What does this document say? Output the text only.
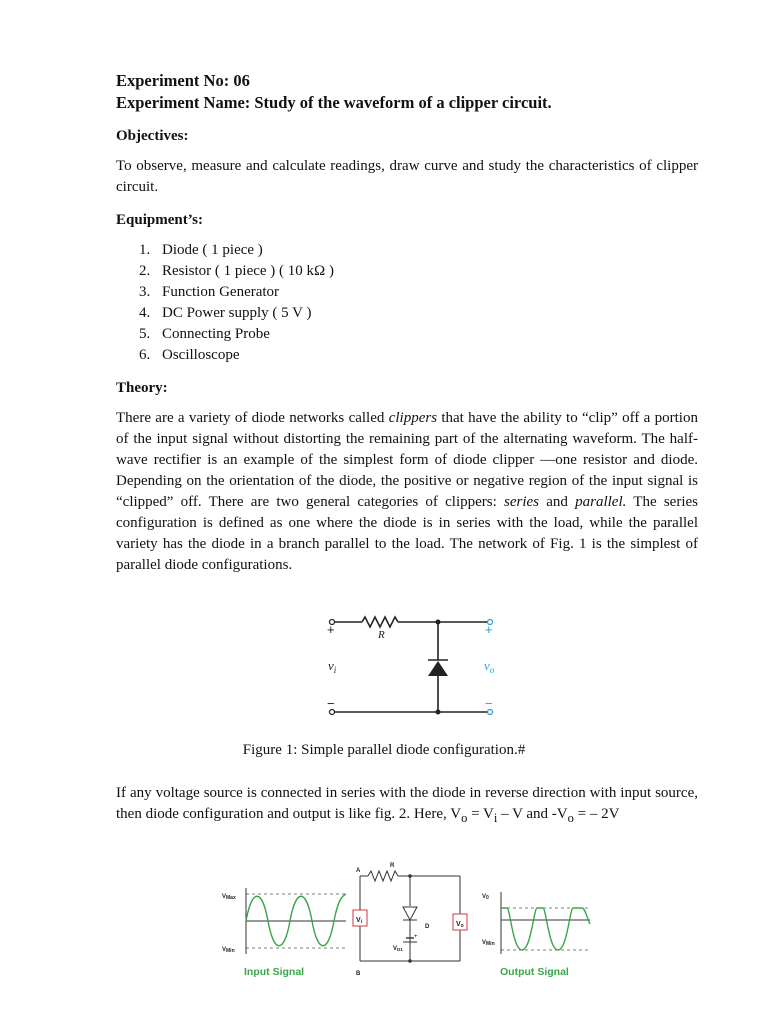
Experiment No: 06

Experiment Name: Study of the waveform of a clipper circuit.

Objectives:

To observe, measure and calculate readings, draw curve and study the characteristics of clipper circuit.

Equipment’s:

1. Diode ( 1 piece )
2. Resistor ( 1 piece ) ( 10 kΩ )
3. Function Generator
4. DC Power supply ( 5 V )
5. Connecting Probe
6. Oscilloscope

Theory:

There are a variety of diode networks called clippers that have the ability to “clip” off a portion of the input signal without distorting the remaining part of the alternating waveform. The half-wave rectifier is an example of the simplest form of diode clipper —one resistor and diode. Depending on the orientation of the diode, the positive or negative region of the input signal is “clipped” off. There are two general categories of clippers: series and parallel. The series configuration is defined as one where the diode is in series with the load, while the parallel variety has the diode in a branch parallel to the load. The network of Fig. 1 is the simplest of parallel diode configurations.

R
+
−
+
−
$v_i$	$v_o$
Figure 1: Simple parallel diode configuration.#

If any voltage source is connected in series with the diode in reverse direction with input source, then diode configuration and output is like fig. 2. Here, $V_o = V_i - V$ and $-V_o$ = – 2V

VMax
VMin
Input Signal
Vi	Vo
A
B
R
D
VD1
+
V0
VMin
Output Signal
